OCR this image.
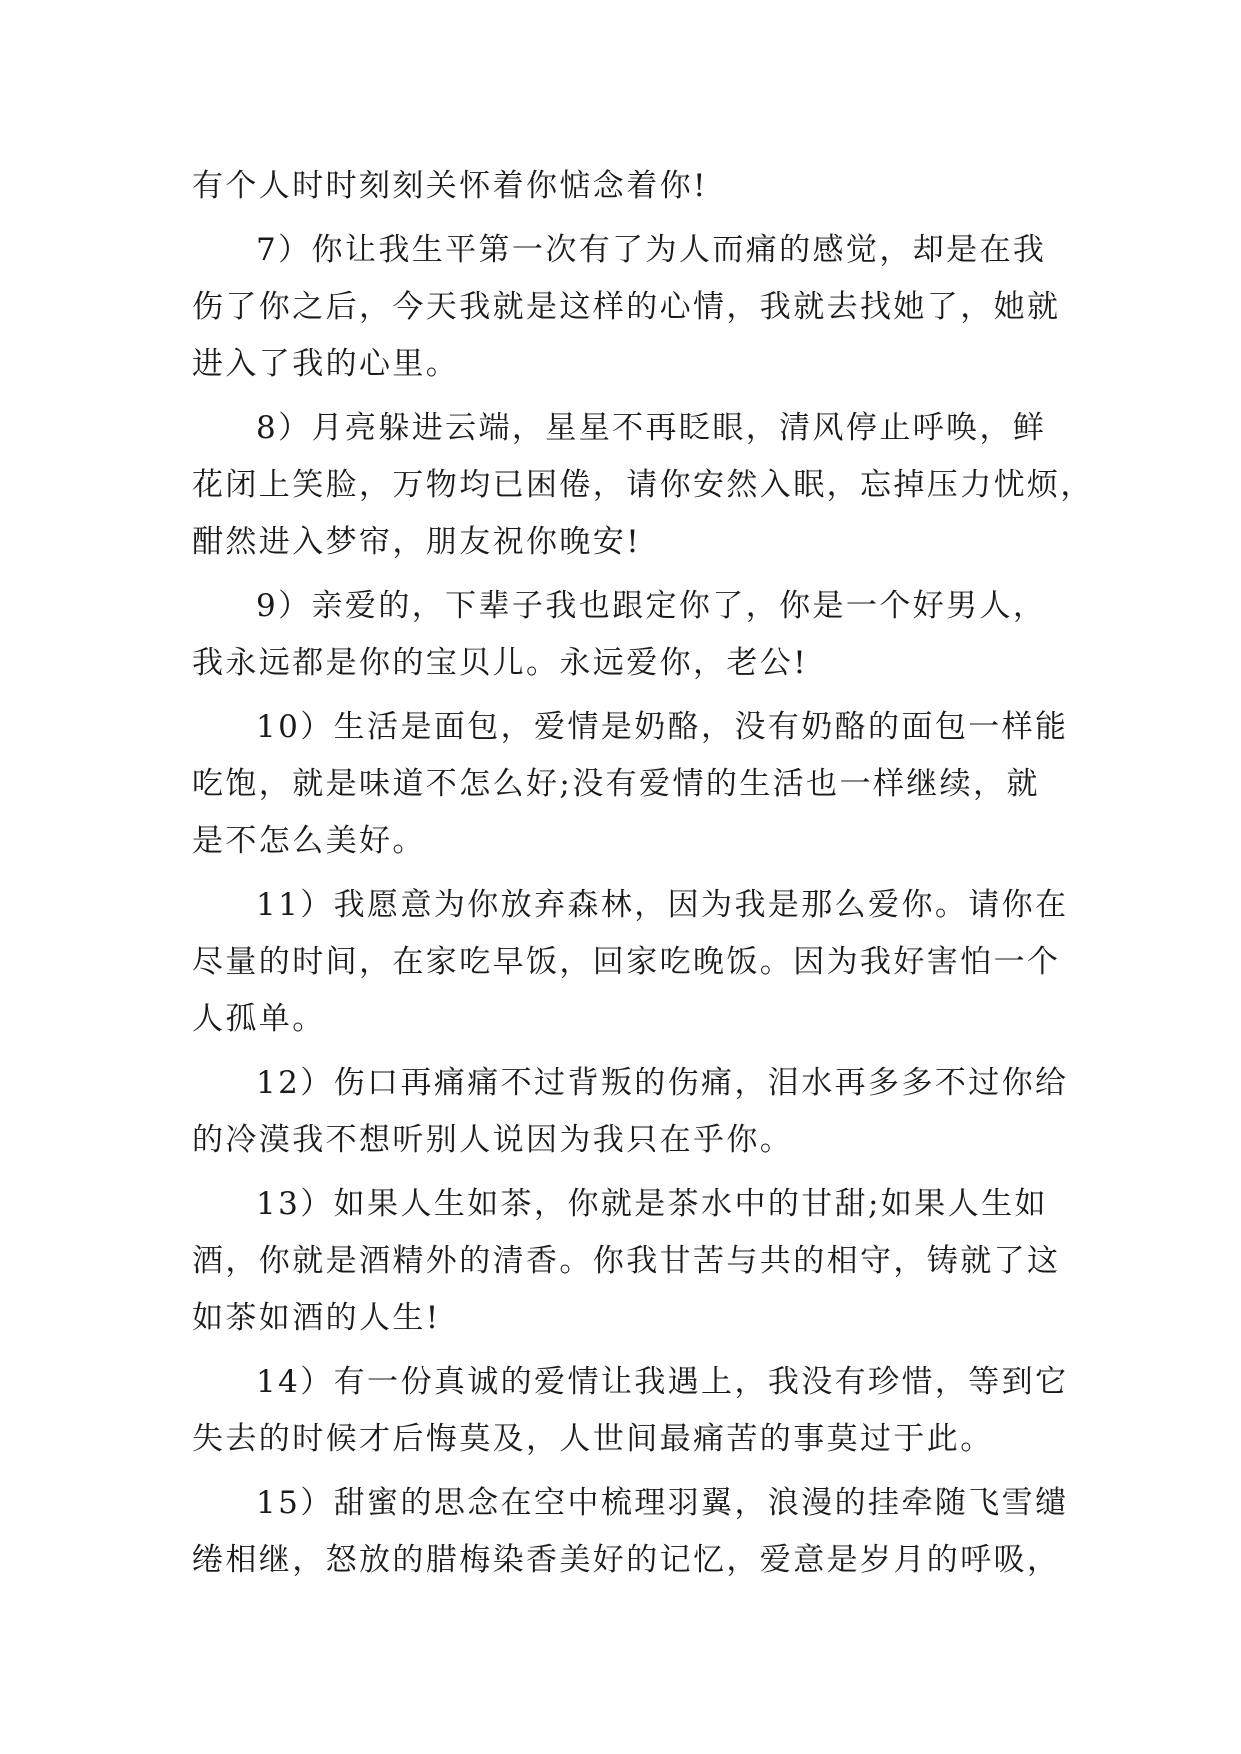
有个人时时刻刻关怀着你惦念着你!
7）你让我生平第一次有了为人而痛的感觉，却是在我
伤了你之后，今天我就是这样的心情，我就去找她了，她就
进入了我的心里。
8）月亮躲进云端，星星不再眨眼，清风停止呼唤，鲜
花闭上笑脸，万物均已困倦，请你安然入眠，忘掉压力忧烦，
酣然进入梦帘，朋友祝你晚安!
9）亲爱的，下辈子我也跟定你了，你是一个好男人，
我永远都是你的宝贝儿。永远爱你，老公!
10）生活是面包，爱情是奶酪，没有奶酪的面包一样能
吃饱，就是味道不怎么好;没有爱情的生活也一样继续，就
是不怎么美好。
11）我愿意为你放弃森林，因为我是那么爱你。请你在
尽量的时间，在家吃早饭，回家吃晚饭。因为我好害怕一个
人孤单。
12）伤口再痛痛不过背叛的伤痛，泪水再多多不过你给
的冷漠我不想听别人说因为我只在乎你。
13）如果人生如茶，你就是茶水中的甘甜;如果人生如
酒，你就是酒精外的清香。你我甘苦与共的相守，铸就了这
如茶如酒的人生!
14）有一份真诚的爱情让我遇上，我没有珍惜，等到它
失去的时候才后悔莫及，人世间最痛苦的事莫过于此。
15）甜蜜的思念在空中梳理羽翼，浪漫的挂牵随飞雪缱
绻相继，怒放的腊梅染香美好的记忆，爱意是岁月的呼吸，
